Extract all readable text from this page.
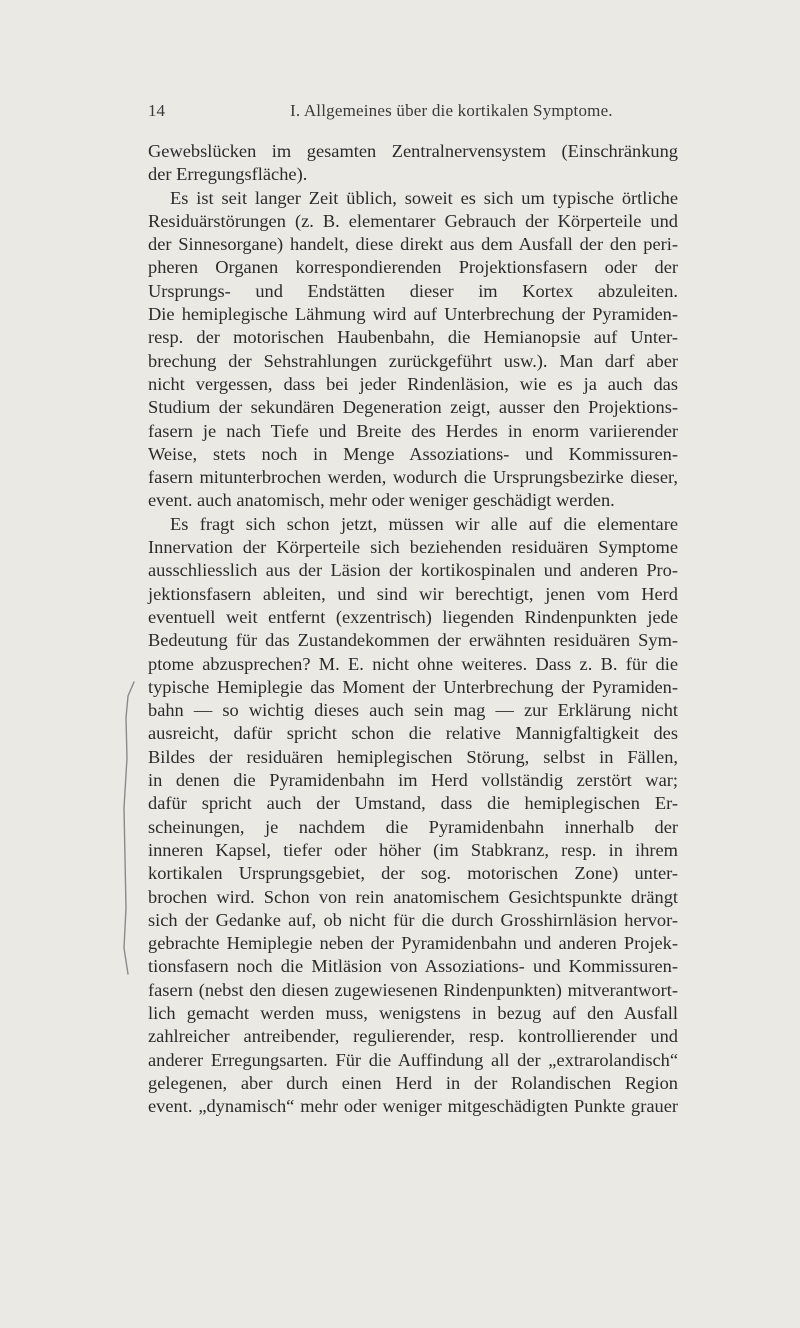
14	I. Allgemeines über die kortikalen Symptome.
Gewebslücken im gesamten Zentralnervensystem (Einschränkung
der Erregungsfläche).
Es ist seit langer Zeit üblich, soweit es sich um typische örtliche
Residuärstörungen (z. B. elementarer Gebrauch der Körperteile und
der Sinnesorgane) handelt, diese direkt aus dem Ausfall der den peri-
pheren Organen korrespondierenden Projektionsfasern oder der
Ursprungs- und Endstätten dieser im Kortex abzuleiten.
Die hemiplegische Lähmung wird auf Unterbrechung der Pyramiden-
resp. der motorischen Haubenbahn, die Hemianopsie auf Unter-
brechung der Sehstrahlungen zurückgeführt usw.). Man darf aber
nicht vergessen, dass bei jeder Rindenläsion, wie es ja auch das
Studium der sekundären Degeneration zeigt, ausser den Projektions-
fasern je nach Tiefe und Breite des Herdes in enorm variierender
Weise, stets noch in Menge Assoziations- und Kommissuren-
fasern mitunterbrochen werden, wodurch die Ursprungsbezirke dieser,
event. auch anatomisch, mehr oder weniger geschädigt werden.
Es fragt sich schon jetzt, müssen wir alle auf die elementare
Innervation der Körperteile sich beziehenden residuären Symptome
ausschliesslich aus der Läsion der kortikospinalen und anderen Pro-
jektionsfasern ableiten, und sind wir berechtigt, jenen vom Herd
eventuell weit entfernt (exzentrisch) liegenden Rindenpunkten jede
Bedeutung für das Zustandekommen der erwähnten residuären Sym-
ptome abzusprechen? M. E. nicht ohne weiteres. Dass z. B. für die
typische Hemiplegie das Moment der Unterbrechung der Pyramiden-
bahn — so wichtig dieses auch sein mag — zur Erklärung nicht
ausreicht, dafür spricht schon die relative Mannigfaltigkeit des
Bildes der residuären hemiplegischen Störung, selbst in Fällen,
in denen die Pyramidenbahn im Herd vollständig zerstört war;
dafür spricht auch der Umstand, dass die hemiplegischen Er-
scheinungen, je nachdem die Pyramidenbahn innerhalb der
inneren Kapsel, tiefer oder höher (im Stabkranz, resp. in ihrem
kortikalen Ursprungsgebiet, der sog. motorischen Zone) unter-
brochen wird. Schon von rein anatomischem Gesichtspunkte drängt
sich der Gedanke auf, ob nicht für die durch Grosshirnläsion hervor-
gebrachte Hemiplegie neben der Pyramidenbahn und anderen Projek-
tionsfasern noch die Mitläsion von Assoziations- und Kommissuren-
fasern (nebst den diesen zugewiesenen Rindenpunkten) mitverantwort-
lich gemacht werden muss, wenigstens in bezug auf den Ausfall
zahlreicher antreibender, regulierender, resp. kontrollierender und
anderer Erregungsarten. Für die Auffindung all der „extrarolandisch“
gelegenen, aber durch einen Herd in der Rolandischen Region
event. „dynamisch“ mehr oder weniger mitgeschädigten Punkte grauer
